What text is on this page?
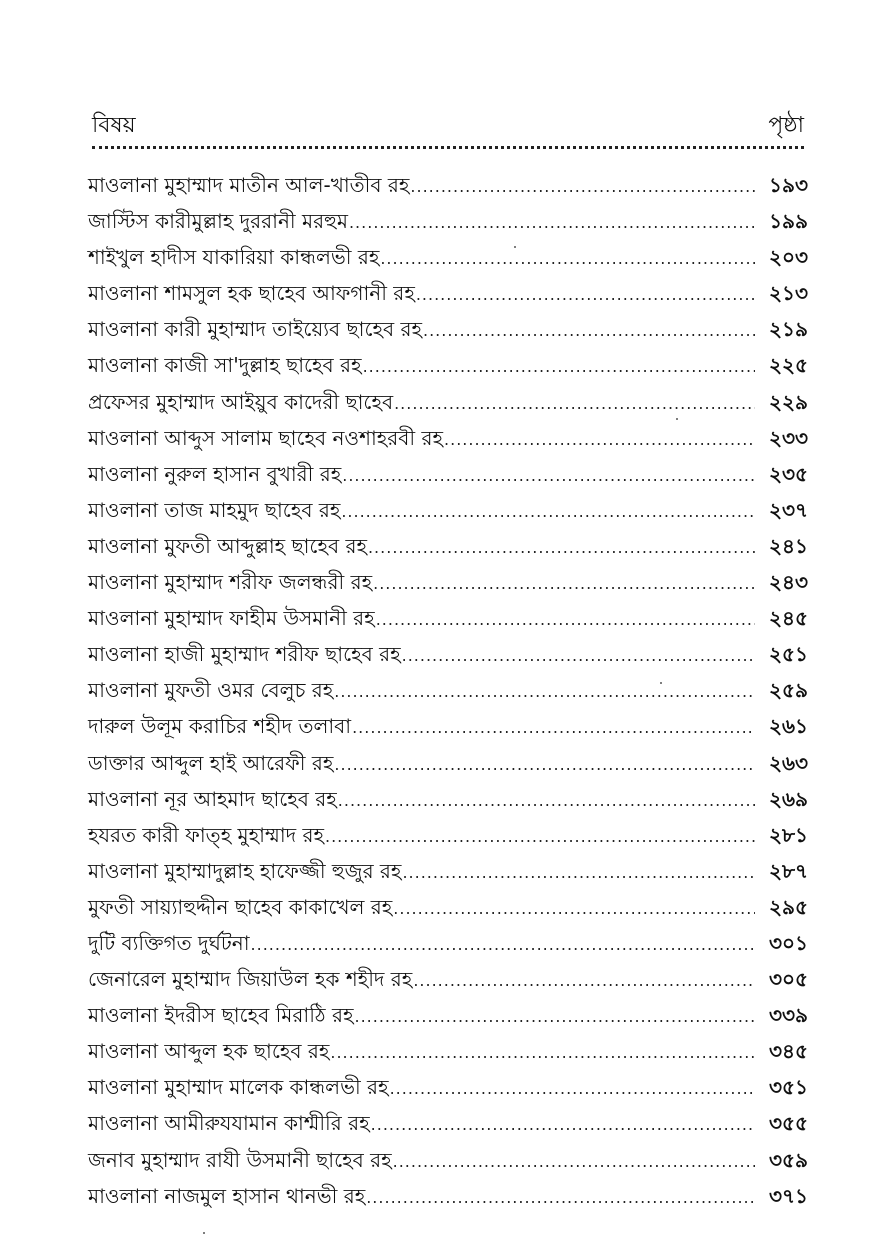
বিষয়	পৃষ্ঠা
মাওলানা মুহাম্মাদ মাতীন আল-খাতীব রহ .....	১৯৩
জাস্টিস কারীমুল্লাহ দুররানী মরহুম .....	১৯৯
শাইখুল হাদীস যাকারিয়া কান্ধলভী রহ .....	২০৩
মাওলানা শামসুল হক ছাহেব আফগানী রহ .....	২১৩
মাওলানা কারী মুহাম্মাদ তাইয়্যেব ছাহেব রহ .....	২১৯
মাওলানা কাজী সা'দুল্লাহ ছাহেব রহ .....	২২৫
প্রফেসর মুহাম্মাদ আইয়ুব কাদেরী ছাহেব .....	২২৯
মাওলানা আব্দুস সালাম ছাহেব নওশাহরবী রহ .....	২৩৩
মাওলানা নুরুল হাসান বুখারী রহ .....	২৩৫
মাওলানা তাজ মাহমুদ ছাহেব রহ .....	২৩৭
মাওলানা মুফতী আব্দুল্লাহ ছাহেব রহ .....	২৪১
মাওলানা মুহাম্মাদ শরীফ জলন্ধরী রহ .....	২৪৩
মাওলানা মুহাম্মাদ ফাহীম উসমানী রহ .....	২৪৫
মাওলানা হাজী মুহাম্মাদ শরীফ ছাহেব রহ .....	২৫১
মাওলানা মুফতী ওমর বেলুচ রহ .....	২৫৯
দারুল উলূম করাচির শহীদ তলাবা .....	২৬১
ডাক্তার আব্দুল হাই আরেফী রহ .....	২৬৩
মাওলানা নূর আহমাদ ছাহেব রহ .....	২৬৯
হযরত কারী ফাত্‌হ মুহাম্মাদ রহ .....	২৮১
মাওলানা মুহাম্মাদুল্লাহ হাফেজ্জী হুজুর রহ .....	২৮৭
মুফতী সায়্যাহুদ্দীন ছাহেব কাকাখেল রহ .....	২৯৫
দুটি ব্যক্তিগত দুর্ঘটনা .....	৩০১
জেনারেল মুহাম্মাদ জিয়াউল হক শহীদ রহ .....	৩০৫
মাওলানা ইদরীস ছাহেব মিরাঠি রহ .....	৩৩৯
মাওলানা আব্দুল হক ছাহেব রহ .....	৩৪৫
মাওলানা মুহাম্মাদ মালেক কান্ধলভী রহ .....	৩৫১
মাওলানা আমীরুযযামান কাশ্মীরি রহ .....	৩৫৫
জনাব মুহাম্মাদ রাযী উসমানী ছাহেব রহ .....	৩৫৯
মাওলানা নাজমুল হাসান থানভী রহ .....	৩৭১
